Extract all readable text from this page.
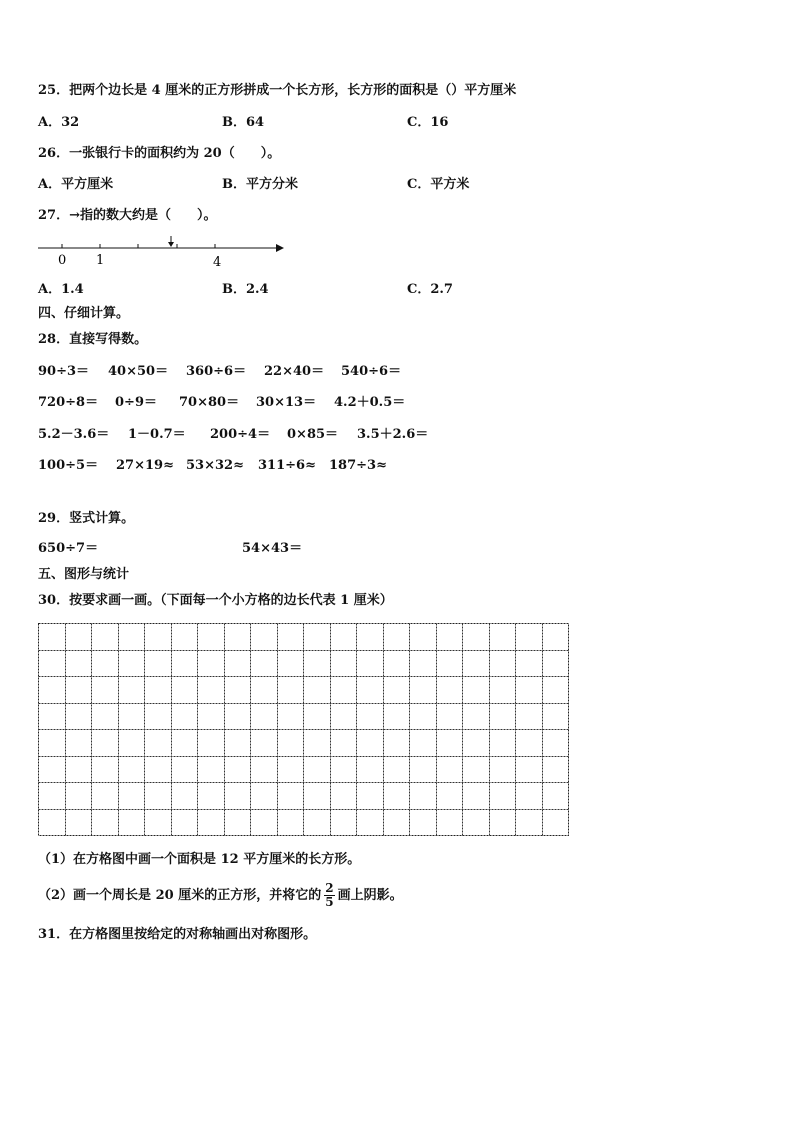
25．把两个边长是 4 厘米的正方形拼成一个长方形，长方形的面积是（）平方厘米
A．32	B．64	C．16
26．一张银行卡的面积约为 20（　　）。
A．平方厘米	B．平方分米	C．平方米
27．→指的数大约是（　　）。
0 1	4
A．1.4	B．2.4	C．2.7
四、仔细计算。
28．直接写得数。
90÷3＝ 40×50＝ 360÷6＝ 22×40＝ 540÷6＝
720÷8＝ 0÷9＝ 70×80＝ 30×13＝ 4.2＋0.5＝
5.2－3.6＝ 1－0.7＝ 200÷4＝ 0×85＝ 3.5＋2.6＝
100÷5＝ 27×19≈ 53×32≈ 311÷6≈ 187÷3≈
29．竖式计算。
650÷7＝	54×43＝
五、图形与统计
30．按要求画一画。（下面每一个小方格的边长代表 1 厘米）
（1）在方格图中画一个面积是 12 平方厘米的长方形。
（2）画一个周长是 20 厘米的正方形，并将它的 $\frac{2}{5}$ 画上阴影。
31．在方格图里按给定的对称轴画出对称图形。
